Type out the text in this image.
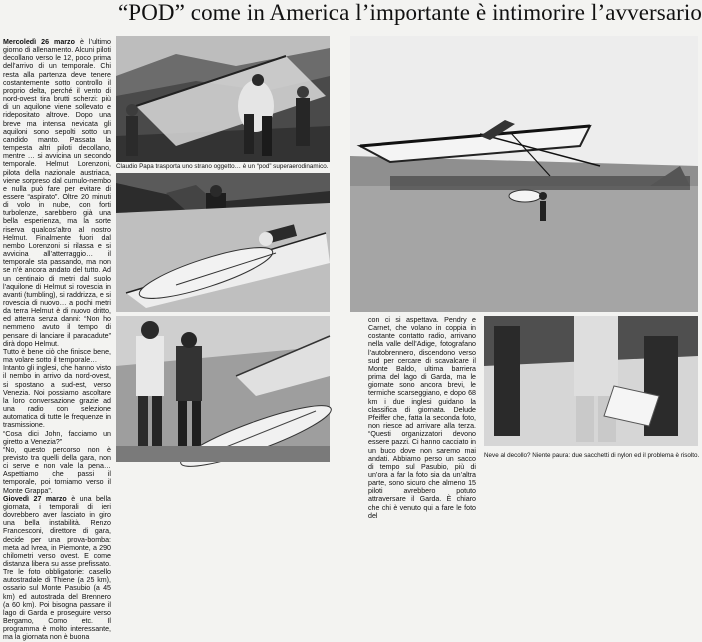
“POD” come in America l’importante è intimorire l’avversario

Mercoledì 26 marzo è l’ultimo giorno di allenamento. Alcuni piloti decollano verso le 12, poco prima dell’arrivo di un temporale. Chi resta alla partenza deve tenere costantemente sotto controllo il proprio delta, perché il vento di nord-ovest tira brutti scherzi: più di un aquilone viene sollevato e ridepositato altrove. Dopo una breve ma intensa nevicata gli aquiloni sono sepolti sotto un candido manto. Passata la tempesta altri piloti decollano, mentre … si avvicina un secondo temporale. Helmut Lorenzoni, pilota della nazionale austriaca, viene sorpreso dal cumulo-nembo e nulla può fare per evitare di essere “aspirato”. Oltre 20 minuti di volo in nube, con forti turbolenze, sarebbero già una bella esperienza, ma la sorte riserva qualcos’altro al nostro Helmut. Finalmente fuori dal nembo Lorenzoni si rilassa e si avvicina all’atterraggio… il temporale sta passando, ma non se n’è ancora andato del tutto. Ad un centinaio di metri dal suolo l’aquilone di Helmut si rovescia in avanti (tumbling), si raddrizza, e si rovescia di nuovo… a pochi metri da terra Helmut è di nuovo dritto, ed atterra senza danni: “Non ho nemmeno avuto il tempo di pensare di lanciare il paracadute” dirà dopo Helmut.

Tutto è bene ciò che finisce bene, ma volare sotto il temporale…

Intanto gli inglesi, che hanno visto il nembo in arrivo da nord-ovest, si spostano a sud-est, verso Venezia. Noi possiamo ascoltare la loro conversazione grazie ad una radio con selezione automatica di tutte le frequenze in trasmissione.

“Cosa dici John, facciamo un giretto a Venezia?”

“No, questo percorso non è previsto tra quelli della gara, non ci serve e non vale la pena… Aspettiamo che passi il temporale, poi torniamo verso il Monte Grappa”.

Giovedì 27 marzo è una bella giornata, i temporali di ieri dovrebbero aver lasciato in giro una bella instabilità. Renzo Francesconi, direttore di gara, decide per una prova-bomba: meta ad Ivrea, in Piemonte, a 290 chilometri verso ovest. E come distanza libera su asse prefissato. Tre le foto obbligatorie: casello autostradale di Thiene (a 25 km), ossario sul Monte Pasubio (a 45 km) ed autostrada del Brennero (a 60 km). Poi bisogna passare il lago di Garda e proseguire verso Bergamo, Como etc. Il programma è molto interessante, ma la giornata non è buona

Claudio Papa trasporta uno strano oggetto… è un “pod” superaerodinamico.

con ci si aspettava. Pendry e Carnet, che volano in coppia in costante contatto radio, arrivano nella valle dell’Adige, fotografano l’autobrennero, discendono verso sud per cercare di scavalcare il Monte Baldo, ultima barriera prima del lago di Garda, ma le giornate sono ancora brevi, le termiche scarseggiano, e dopo 68 km i due inglesi guidano la classifica di giornata. Delude Pfeiffer che, fatta la seconda foto, non riesce ad arrivare alla terza. “Questi organizzatori devono essere pazzi. Ci hanno cacciato in un buco dove non saremo mai andati. Abbiamo perso un sacco di tempo sul Pasubio, più di un’ora a far la foto sia da un’altra parte, sono sicuro che almeno 15 piloti avrebbero potuto attraversare il Garda. È chiaro che chi è venuto qui a fare le foto del

Neve al decollo? Niente paura: due sacchetti di nylon ed il problema è risolto.
